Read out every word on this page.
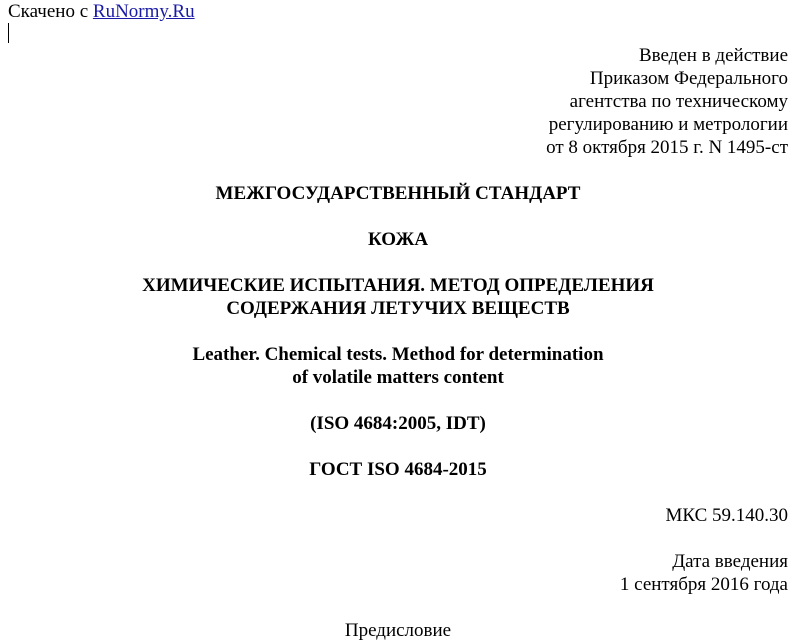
Скачено с RuNormy.Ru
Введен в действие
Приказом Федерального
агентства по техническому
регулированию и метрологии
от 8 октября 2015 г. N 1495-ст
МЕЖГОСУДАРСТВЕННЫЙ СТАНДАРТ
КОЖА
ХИМИЧЕСКИЕ ИСПЫТАНИЯ. МЕТОД ОПРЕДЕЛЕНИЯ
СОДЕРЖАНИЯ ЛЕТУЧИХ ВЕЩЕСТВ
Leather. Chemical tests. Method for determination
of volatile matters content
(ISO 4684:2005, IDT)
ГОСТ ISO 4684-2015
МКС 59.140.30
Дата введения
1 сентября 2016 года
Предисловие
